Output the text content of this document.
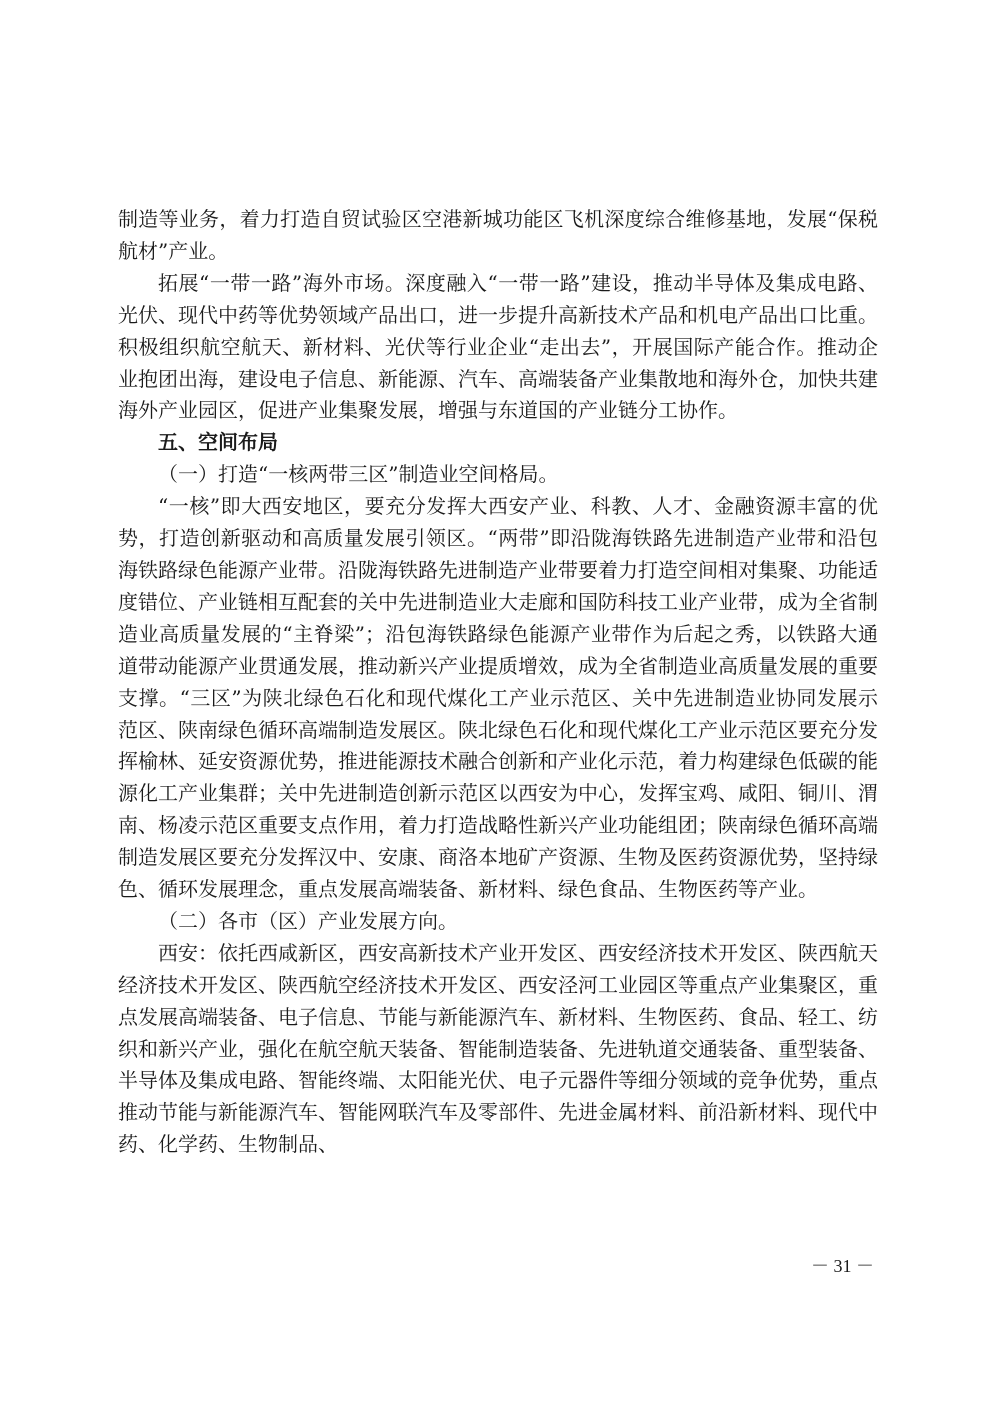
制造等业务，着力打造自贸试验区空港新城功能区飞机深度综合维修基地，发展“保税航材”产业。

拓展“一带一路”海外市场。深度融入“一带一路”建设，推动半导体及集成电路、光伏、现代中药等优势领域产品出口，进一步提升高新技术产品和机电产品出口比重。积极组织航空航天、新材料、光伏等行业企业“走出去”，开展国际产能合作。推动企业抱团出海，建设电子信息、新能源、汽车、高端装备产业集散地和海外仓，加快共建海外产业园区，促进产业集聚发展，增强与东道国的产业链分工协作。

五、空间布局

（一）打造“一核两带三区”制造业空间格局。

“一核”即大西安地区，要充分发挥大西安产业、科教、人才、金融资源丰富的优势，打造创新驱动和高质量发展引领区。“两带”即沿陇海铁路先进制造产业带和沿包海铁路绿色能源产业带。沿陇海铁路先进制造产业带要着力打造空间相对集聚、功能适度错位、产业链相互配套的关中先进制造业大走廊和国防科技工业产业带，成为全省制造业高质量发展的“主脊梁”；沿包海铁路绿色能源产业带作为后起之秀，以铁路大通道带动能源产业贯通发展，推动新兴产业提质增效，成为全省制造业高质量发展的重要支撑。“三区”为陕北绿色石化和现代煤化工产业示范区、关中先进制造业协同发展示范区、陕南绿色循环高端制造发展区。陕北绿色石化和现代煤化工产业示范区要充分发挥榆林、延安资源优势，推进能源技术融合创新和产业化示范，着力构建绿色低碳的能源化工产业集群；关中先进制造创新示范区以西安为中心，发挥宝鸡、咸阳、铜川、渭南、杨凌示范区重要支点作用，着力打造战略性新兴产业功能组团；陕南绿色循环高端制造发展区要充分发挥汉中、安康、商洛本地矿产资源、生物及医药资源优势，坚持绿色、循环发展理念，重点发展高端装备、新材料、绿色食品、生物医药等产业。

（二）各市（区）产业发展方向。

西安：依托西咸新区，西安高新技术产业开发区、西安经济技术开发区、陕西航天经济技术开发区、陕西航空经济技术开发区、西安泾河工业园区等重点产业集聚区，重点发展高端装备、电子信息、节能与新能源汽车、新材料、生物医药、食品、轻工、纺织和新兴产业，强化在航空航天装备、智能制造装备、先进轨道交通装备、重型装备、半导体及集成电路、智能终端、太阳能光伏、电子元器件等细分领域的竞争优势，重点推动节能与新能源汽车、智能网联汽车及零部件、先进金属材料、前沿新材料、现代中药、化学药、生物制品、

－ 31 －
